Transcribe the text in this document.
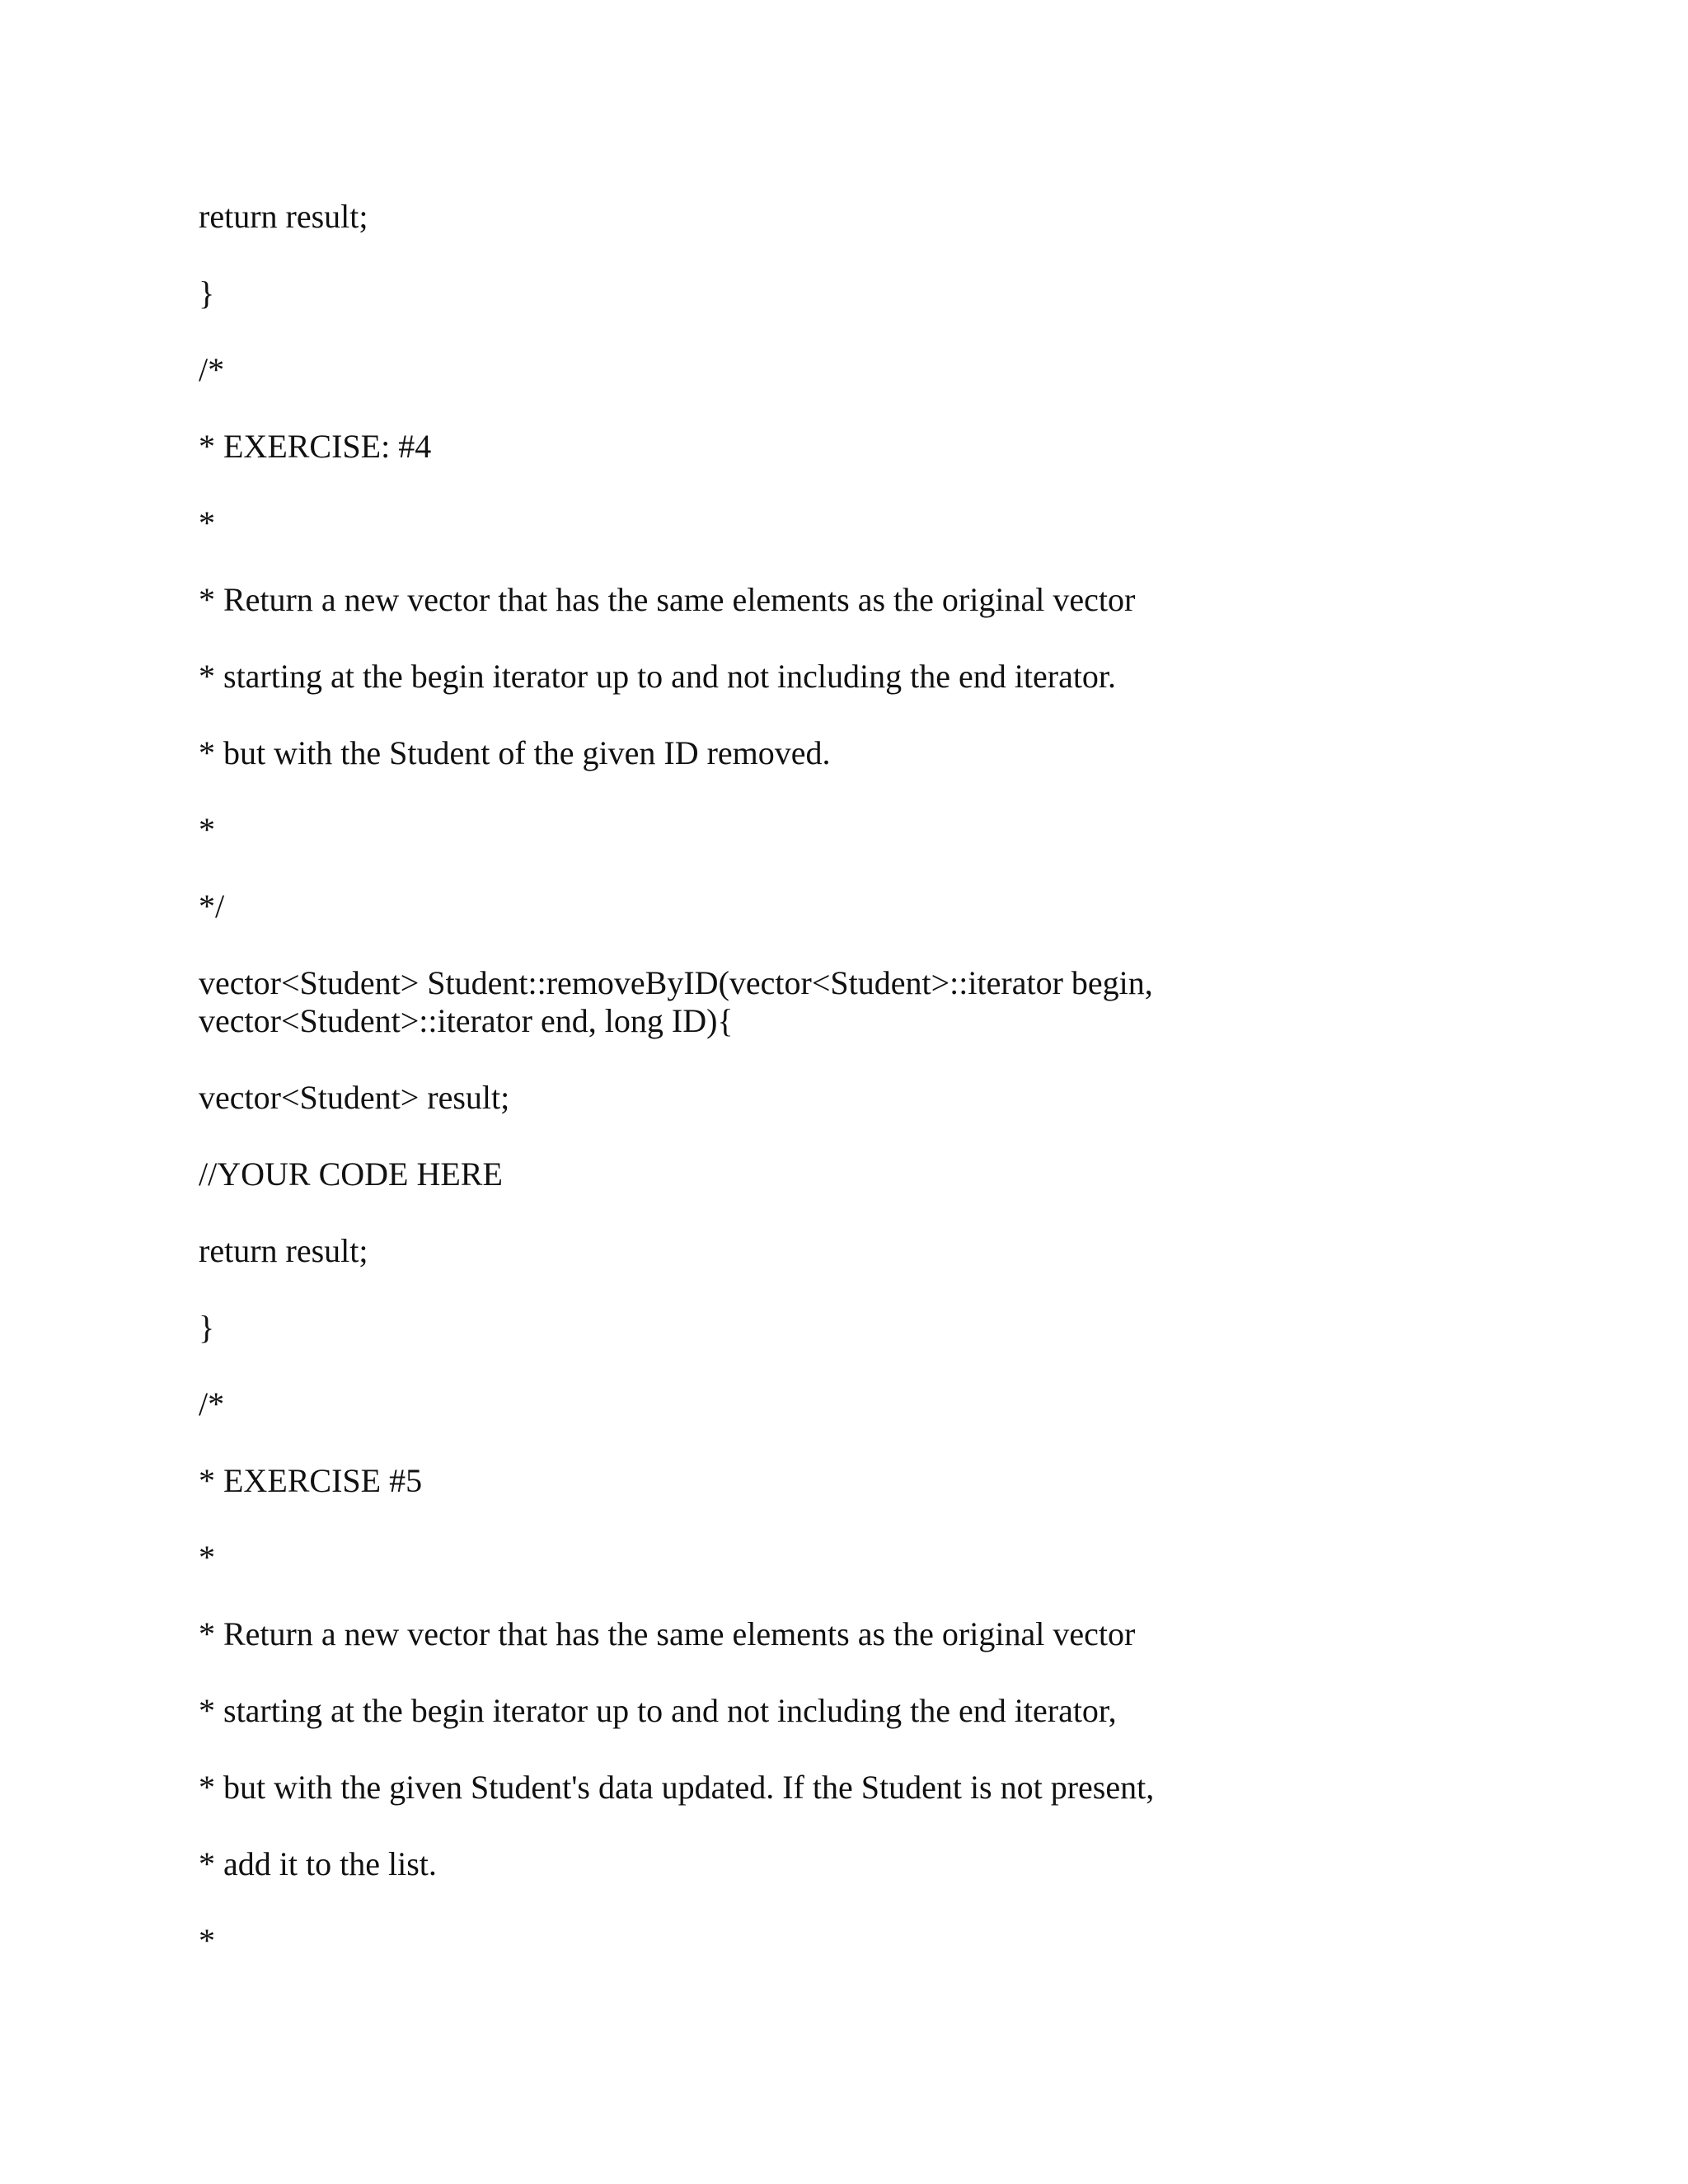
return result;

}

/*

* EXERCISE: #4

*

* Return a new vector that has the same elements as the original vector

* starting at the begin iterator up to and not including the end iterator.

* but with the Student of the given ID removed.

*

*/

vector<Student> Student::removeByID(vector<Student>::iterator begin,

vector<Student>::iterator end, long ID){

vector<Student> result;

//YOUR CODE HERE

return result;

}

/*

* EXERCISE #5

*

* Return a new vector that has the same elements as the original vector

* starting at the begin iterator up to and not including the end iterator,

* but with the given Student's data updated. If the Student is not present,

* add it to the list.

*
